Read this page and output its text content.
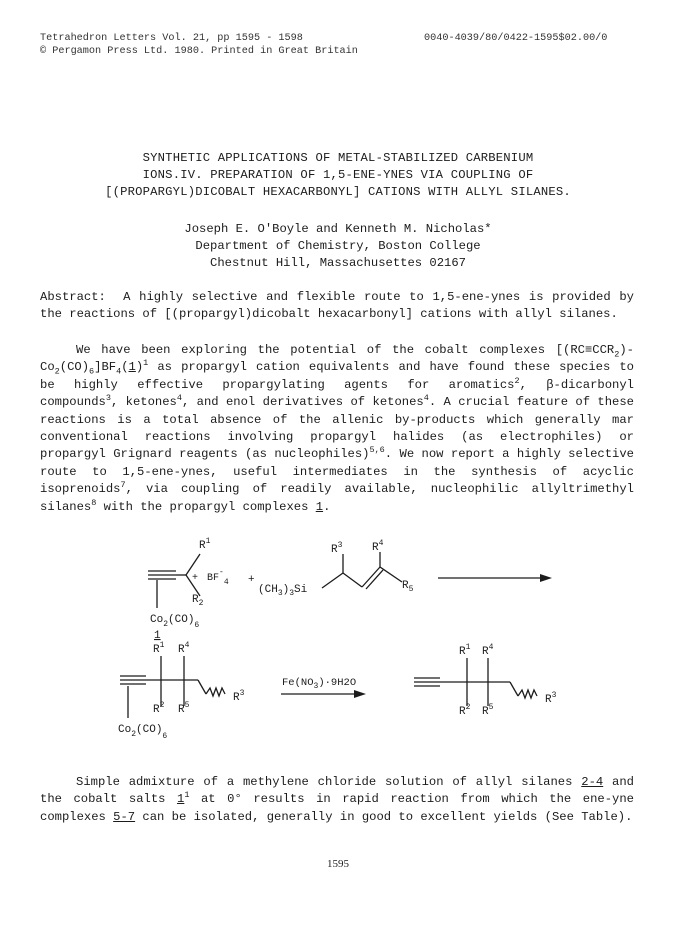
Tetrahedron Letters Vol. 21, pp 1595 - 1598
© Pergamon Press Ltd. 1980. Printed in Great Britain
0040-4039/80/0422-1595$02.00/0
SYNTHETIC APPLICATIONS OF METAL-STABILIZED CARBENIUM
IONS.IV. PREPARATION OF 1,5-ENE-YNES VIA COUPLING OF
[(PROPARGYL)DICOBALT HEXACARBONYL] CATIONS WITH ALLYL SILANES.
Joseph E. O'Boyle and Kenneth M. Nicholas*
Department of Chemistry, Boston College
Chestnut Hill, Massachusettes 02167
Abstract: A highly selective and flexible route to 1,5-ene-ynes is provided by the reactions of [(propargyl)dicobalt hexacarbonyl] cations with allyl silanes.
We have been exploring the potential of the cobalt complexes $[(RC\equiv CCR_2)-Co_2(CO)_6]BF_4(1)^1$ as propargyl cation equivalents and have found these species to be highly effective propargylating agents for aromatics$^2$, β-dicarbonyl compounds$^3$, ketones$^4$, and enol derivatives of ketones$^4$. A crucial feature of these reactions is a total absence of the allenic by-products which generally mar conventional reactions involving propargyl halides (as electrophiles) or propargyl Grignard reagents (as nucleophiles)$^{5,6}$. We now report a highly selective route to 1,5-ene-ynes, useful intermediates in the synthesis of acyclic isoprenoids$^7$, via coupling of readily available, nucleophilic allyltrimethyl silanes$^8$ with the propargyl complexes 1.
$R^1$
+ $BF^-_4$
$R_2$
+
$Co_2(CO)_6$
1
$(CH_3)_3Si$
$R^3$	$R^4$
$R_5$
$R^1$ $R^4$
$R^2$ $R^5$
$R^3$
$Co_2(CO)_6$
$Fe(NO_3)\cdot 9H2O$
$R^1$ $R^4$
$R^2$ $R^5$
$R^3$
Simple admixture of a methylene chloride solution of allyl silanes 2-4 and the cobalt salts $1^1$ at 0° results in rapid reaction from which the ene-yne complexes 5-7 can be isolated, generally in good to excellent yields (See Table).
1595
